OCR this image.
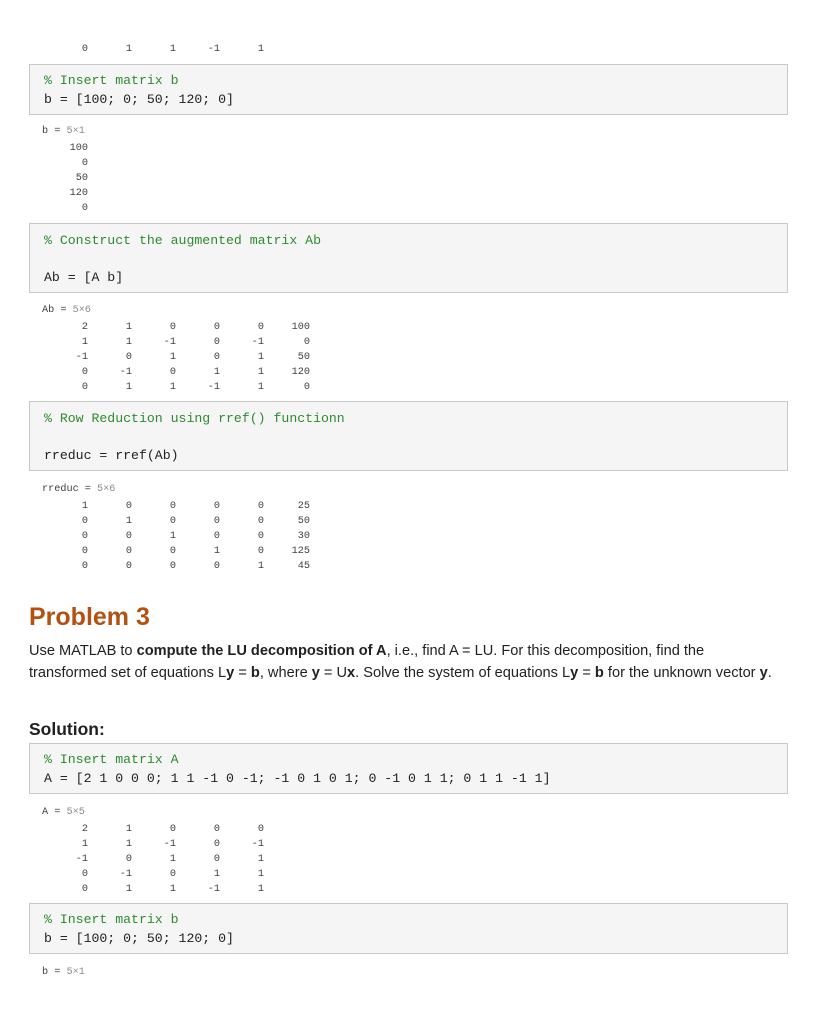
0	1	1	-1	1
% Insert matrix b
b = [100; 0; 50; 120; 0]
b = 5×1
100
0
50
120
0
% Construct the augmented matrix Ab
Ab = [A b]
Ab = 5×6
2	1	0	0	0	100
1	1	-1	0	-1	0
-1	0	1	0	1	50
0	-1	0	1	1	120
0	1	1	-1	1	0
% Row Reduction using rref() functionn
rreduc = rref(Ab)
rreduc = 5×6
1	0	0	0	0	25
0	1	0	0	0	50
0	0	1	0	0	30
0	0	0	1	0	125
0	0	0	0	1	45
Problem 3

Use MATLAB to compute the LU decomposition of A, i.e., find A = LU. For this decomposition, find the transformed set of equations Ly = b, where y = Ux. Solve the system of equations Ly = b for the unknown vector y.

Solution:
% Insert matrix A
A = [2 1 0 0 0; 1 1 -1 0 -1; -1 0 1 0 1; 0 -1 0 1 1; 0 1 1 -1 1]
A = 5×5
2	1	0	0	0
1	1	-1	0	-1
-1	0	1	0	1
0	-1	0	1	1
0	1	1	-1	1
% Insert matrix b
b = [100; 0; 50; 120; 0]
b = 5×1
